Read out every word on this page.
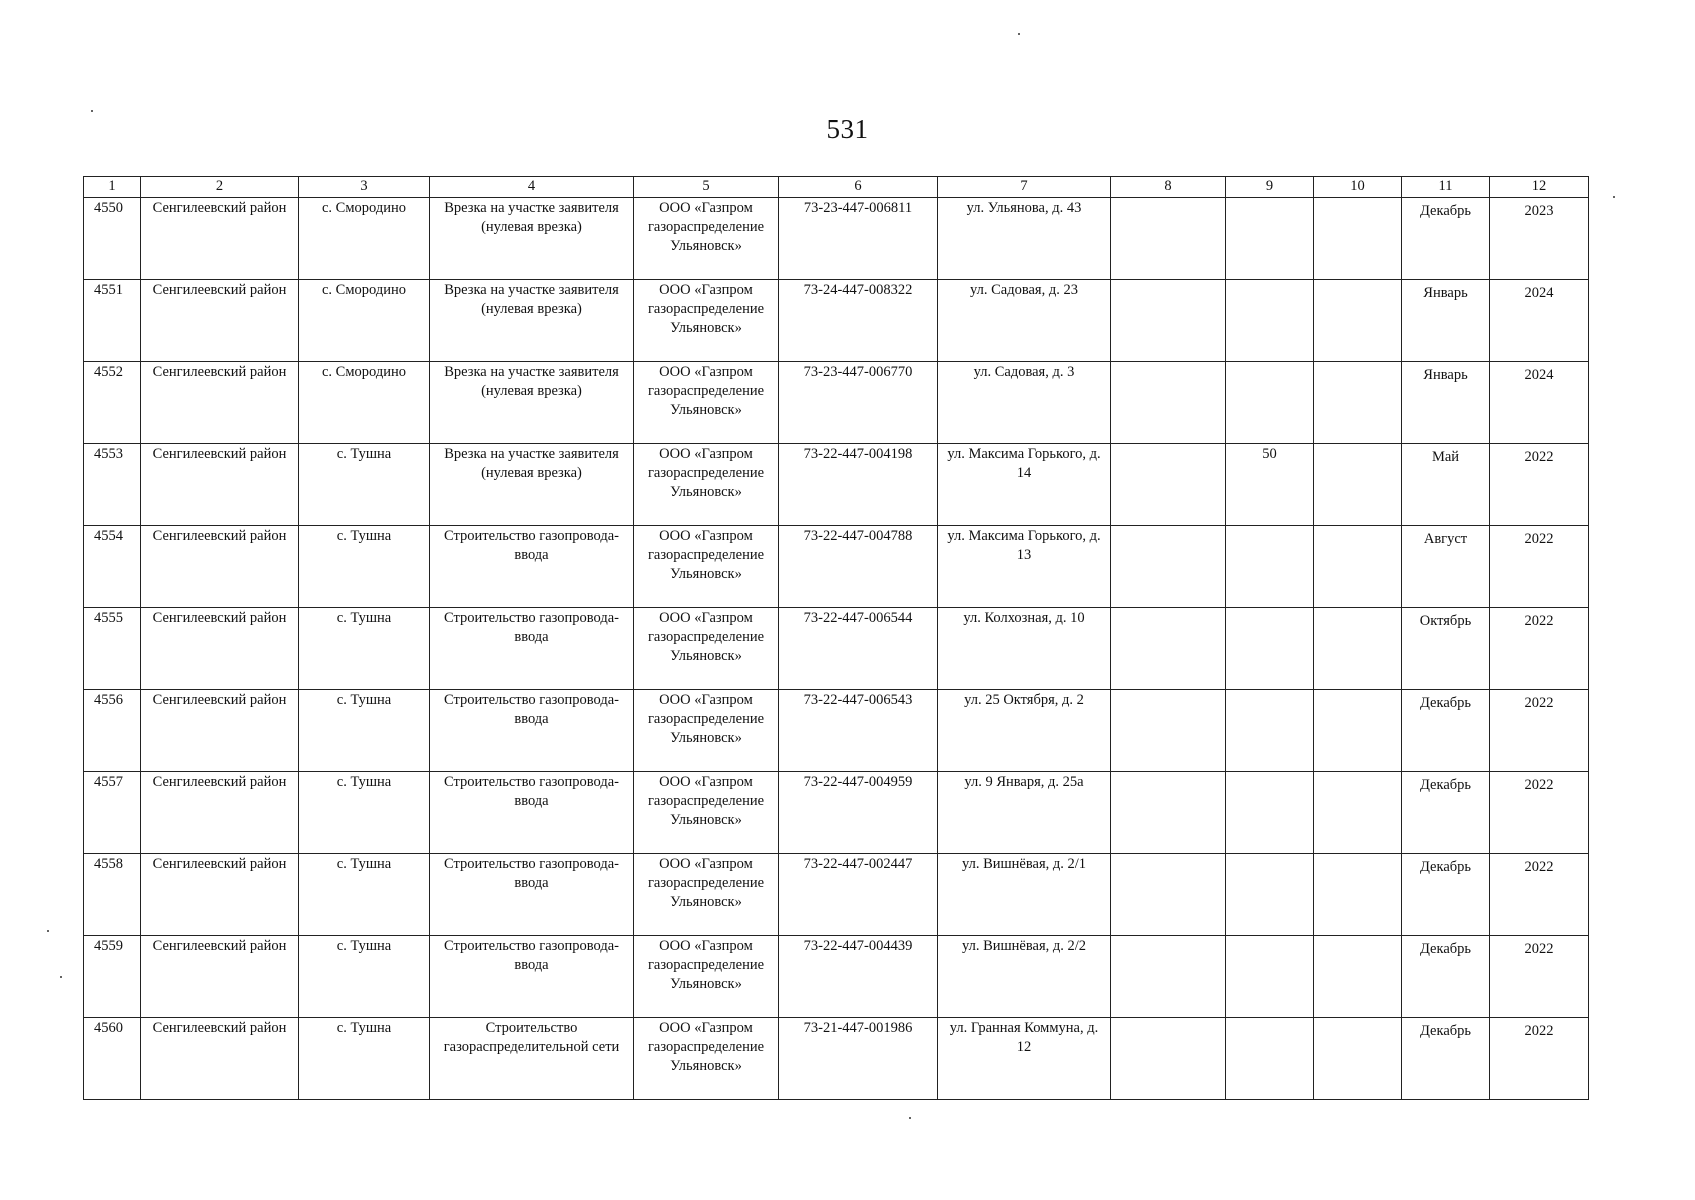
531
1	2	3	4	5	6	7	8	9	10	11	12
4550	Сенгилеевский район	с. Смородино	Врезка на участке заявителя (нулевая врезка)	ООО «Газпром газораспределение Ульяновск»	73-23-447-006811	ул. Ульянова, д. 43				Декабрь	2023
4551	Сенгилеевский район	с. Смородино	Врезка на участке заявителя (нулевая врезка)	ООО «Газпром газораспределение Ульяновск»	73-24-447-008322	ул. Садовая, д. 23				Январь	2024
4552	Сенгилеевский район	с. Смородино	Врезка на участке заявителя (нулевая врезка)	ООО «Газпром газораспределение Ульяновск»	73-23-447-006770	ул. Садовая, д. 3				Январь	2024
4553	Сенгилеевский район	с. Тушна	Врезка на участке заявителя (нулевая врезка)	ООО «Газпром газораспределение Ульяновск»	73-22-447-004198	ул. Максима Горького, д. 14		50		Май	2022
4554	Сенгилеевский район	с. Тушна	Строительство газопровода-ввода	ООО «Газпром газораспределение Ульяновск»	73-22-447-004788	ул. Максима Горького, д. 13				Август	2022
4555	Сенгилеевский район	с. Тушна	Строительство газопровода-ввода	ООО «Газпром газораспределение Ульяновск»	73-22-447-006544	ул. Колхозная, д. 10				Октябрь	2022
4556	Сенгилеевский район	с. Тушна	Строительство газопровода-ввода	ООО «Газпром газораспределение Ульяновск»	73-22-447-006543	ул. 25 Октября, д. 2				Декабрь	2022
4557	Сенгилеевский район	с. Тушна	Строительство газопровода-ввода	ООО «Газпром газораспределение Ульяновск»	73-22-447-004959	ул. 9 Января, д. 25а				Декабрь	2022
4558	Сенгилеевский район	с. Тушна	Строительство газопровода-ввода	ООО «Газпром газораспределение Ульяновск»	73-22-447-002447	ул. Вишнёвая, д. 2/1				Декабрь	2022
4559	Сенгилеевский район	с. Тушна	Строительство газопровода-ввода	ООО «Газпром газораспределение Ульяновск»	73-22-447-004439	ул. Вишнёвая, д. 2/2				Декабрь	2022
4560	Сенгилеевский район	с. Тушна	Строительство газораспределительной сети	ООО «Газпром газораспределение Ульяновск»	73-21-447-001986	ул. Гранная Коммуна, д. 12				Декабрь	2022
